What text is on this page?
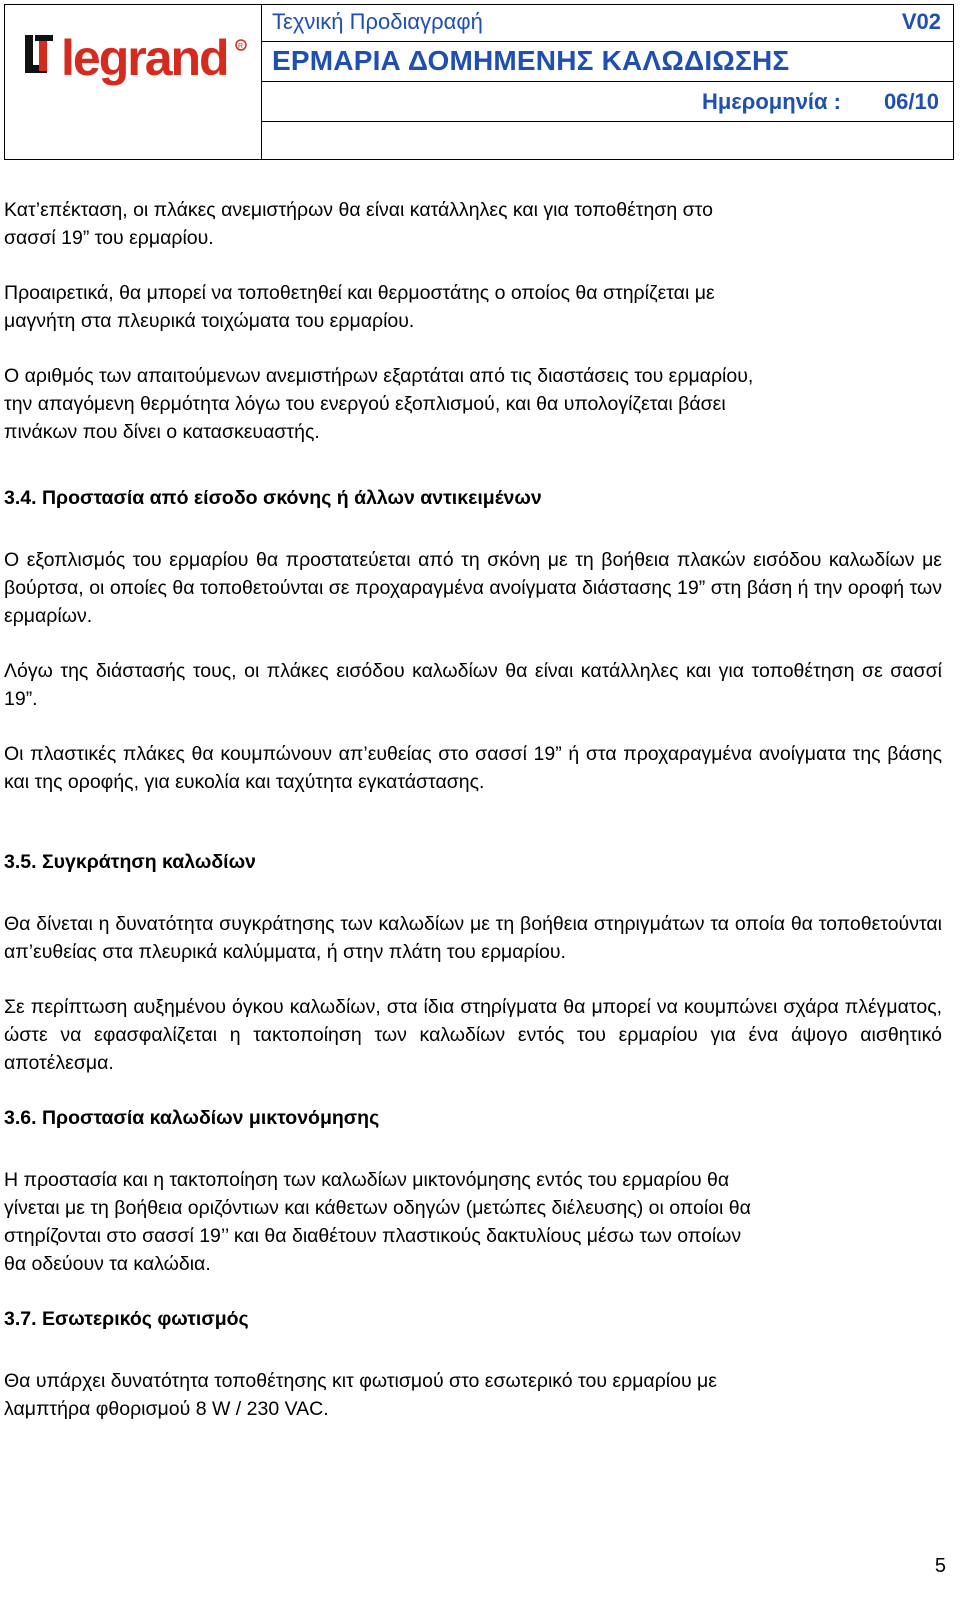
legrand R
Τεχνική Προδιαγραφή	V02
ΕΡΜΑΡΙΑ ΔΟΜΗΜΕΝΗΣ ΚΑΛΩΔΙΩΣΗΣ
Ημερομηνία : 06/10

Κατ’επέκταση, οι πλάκες ανεμιστήρων θα είναι κατάλληλες και για τοποθέτηση στο
σασσί 19” του ερμαρίου.

Προαιρετικά, θα μπορεί να τοποθετηθεί και θερμοστάτης ο οποίος θα στηρίζεται με
μαγνήτη στα πλευρικά τοιχώματα του ερμαρίου.

Ο αριθμός των απαιτούμενων ανεμιστήρων εξαρτάται από τις διαστάσεις του ερμαρίου,
την απαγόμενη θερμότητα λόγω του ενεργού εξοπλισμού, και θα υπολογίζεται βάσει
πινάκων που δίνει ο κατασκευαστής.

3.4. Προστασία από είσοδο σκόνης ή άλλων αντικειμένων

Ο εξοπλισμός του ερμαρίου θα προστατεύεται από τη σκόνη με τη βοήθεια πλακών εισόδου καλωδίων με βούρτσα, οι οποίες θα τοποθετούνται σε προχαραγμένα ανοίγματα διάστασης 19” στη βάση ή την οροφή των ερμαρίων.

Λόγω της διάστασής τους, οι πλάκες εισόδου καλωδίων θα είναι κατάλληλες και για τοποθέτηση σε σασσί 19”.

Οι πλαστικές πλάκες θα κουμπώνουν απ’ευθείας στο σασσί 19” ή στα προχαραγμένα ανοίγματα της βάσης και της οροφής, για ευκολία και ταχύτητα εγκατάστασης.

3.5. Συγκράτηση καλωδίων

Θα δίνεται η δυνατότητα συγκράτησης των καλωδίων με τη βοήθεια στηριγμάτων τα οποία θα τοποθετούνται απ’ευθείας στα πλευρικά καλύμματα, ή στην πλάτη του ερμαρίου.

Σε περίπτωση αυξημένου όγκου καλωδίων, στα ίδια στηρίγματα θα μπορεί να κουμπώνει σχάρα πλέγματος, ώστε να εφασφαλίζεται η τακτοποίηση των καλωδίων εντός του ερμαρίου για ένα άψογο αισθητικό αποτέλεσμα.

3.6. Προστασία καλωδίων μικτονόμησης

Η προστασία και η τακτοποίηση των καλωδίων μικτονόμησης εντός του ερμαρίου θα
γίνεται με τη βοήθεια οριζόντιων και κάθετων οδηγών (μετώπες διέλευσης) οι οποίοι θα
στηρίζονται στο σασσί 19’’ και θα διαθέτουν πλαστικούς δακτυλίους μέσω των οποίων
θα οδεύουν τα καλώδια.

3.7. Εσωτερικός φωτισμός

Θα υπάρχει δυνατότητα τοποθέτησης κιτ φωτισμού στο εσωτερικό του ερμαρίου με
λαμπτήρα φθορισμού 8 W / 230 VAC.

5
